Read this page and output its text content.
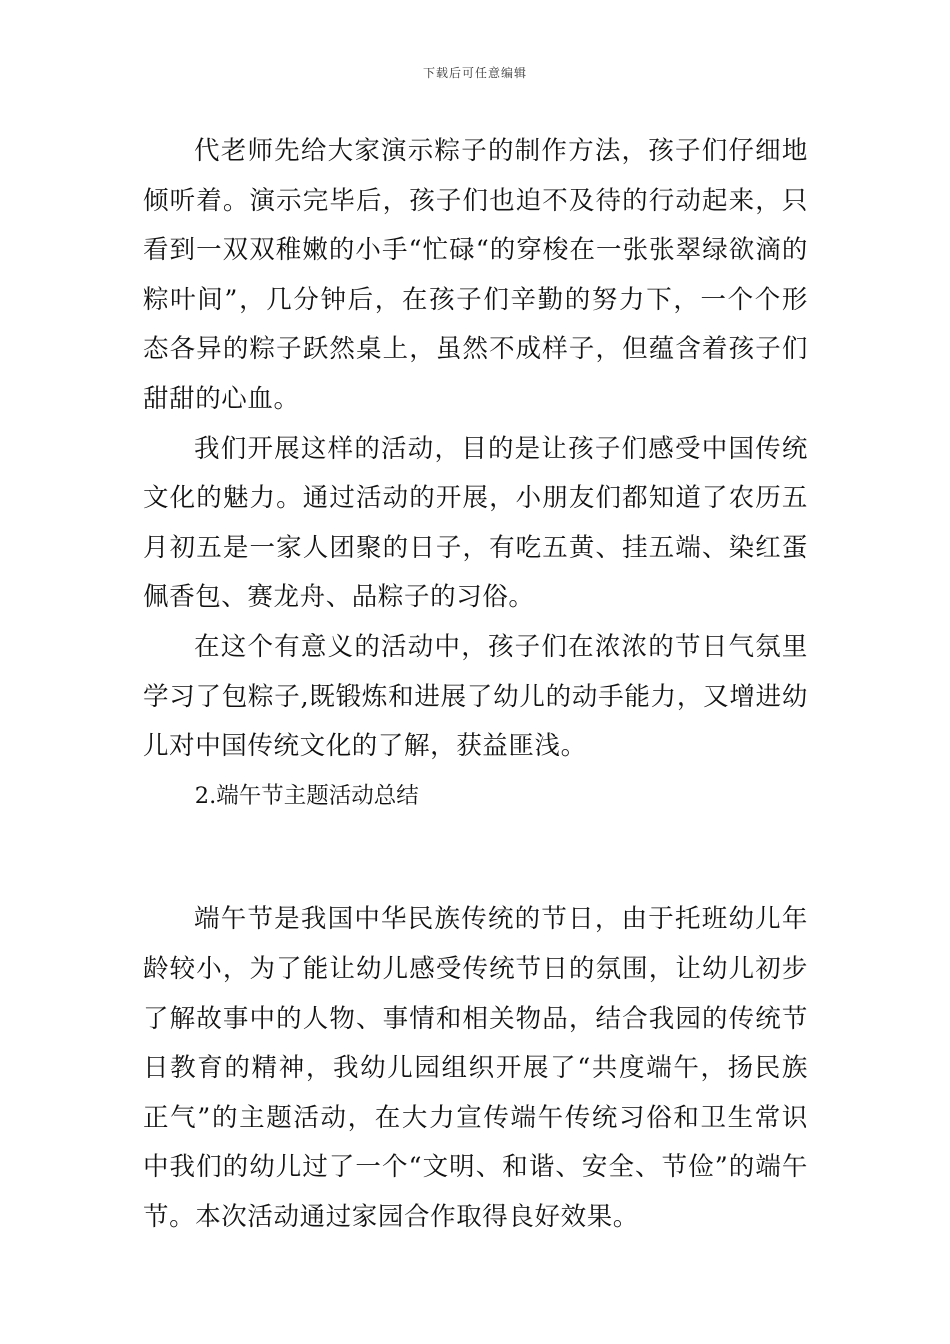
下载后可任意编辑

代老师先给大家演示粽子的制作方法，孩子们仔细地倾听着。演示完毕后，孩子们也迫不及待的行动起来，只看到一双双稚嫩的小手“忙碌“的穿梭在一张张翠绿欲滴的粽叶间”，几分钟后，在孩子们辛勤的努力下，一个个形态各异的粽子跃然桌上，虽然不成样子，但蕴含着孩子们甜甜的心血。

我们开展这样的活动，目的是让孩子们感受中国传统文化的魅力。通过活动的开展，小朋友们都知道了农历五月初五是一家人团聚的日子，有吃五黄、挂五端、染红蛋佩香包、赛龙舟、品粽子的习俗。

在这个有意义的活动中，孩子们在浓浓的节日气氛里学习了包粽子,既锻炼和进展了幼儿的动手能力，又增进幼儿对中国传统文化的了解，获益匪浅。

2.端午节主题活动总结

端午节是我国中华民族传统的节日，由于托班幼儿年龄较小，为了能让幼儿感受传统节日的氛围，让幼儿初步了解故事中的人物、事情和相关物品，结合我园的传统节日教育的精神，我幼儿园组织开展了“共度端午，扬民族正气”的主题活动，在大力宣传端午传统习俗和卫生常识中我们的幼儿过了一个“文明、和谐、安全、节俭”的端午节。本次活动通过家园合作取得良好效果。
